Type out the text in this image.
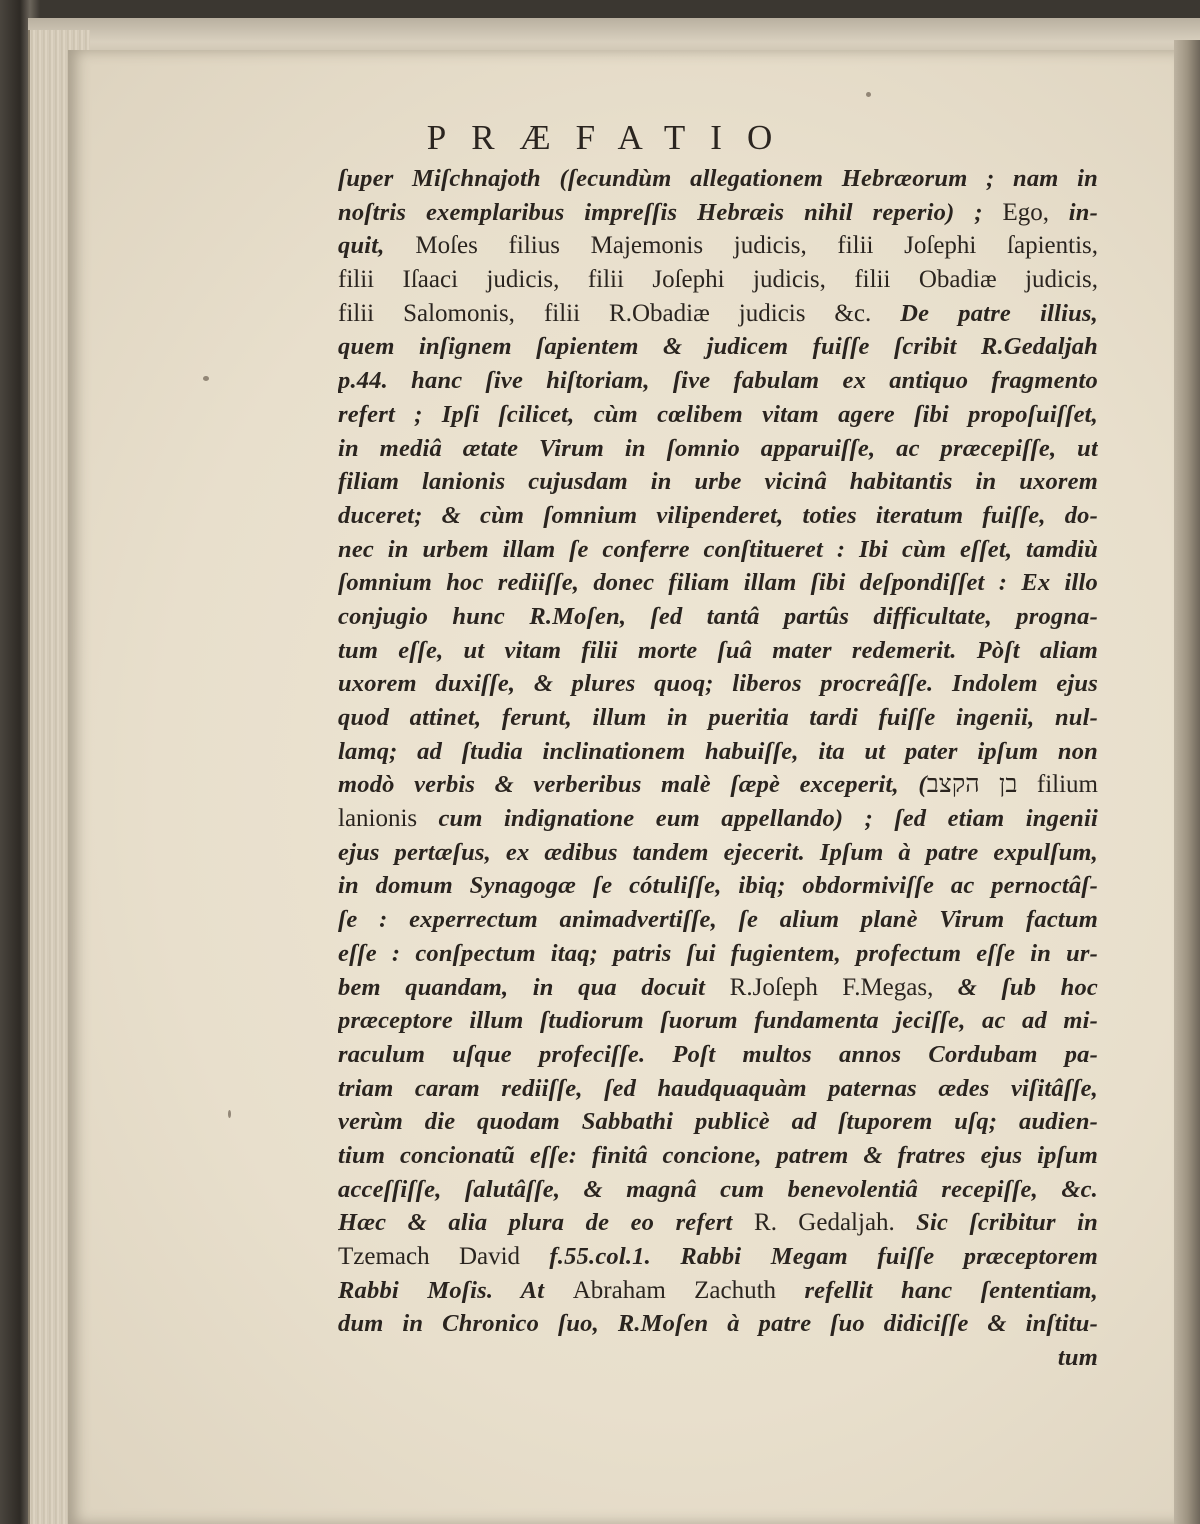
PRÆFATIO
ſuper Miſchnajoth (ſecundùm allegationem Hebræorum ; nam in
noſtris exemplaribus impreſſis Hebræis nihil reperio) ; Ego, in-
quit, Moſes filius Majemonis judicis, filii Joſephi ſapientis,
filii Iſaaci judicis, filii Joſephi judicis, filii Obadiæ judicis,
filii Salomonis, filii R.Obadiæ judicis &c. De patre illius,
quem inſignem ſapientem & judicem fuiſſe ſcribit R.Gedaljah
p.44. hanc ſive hiſtoriam, ſive fabulam ex antiquo fragmento
refert ; Ipſi ſcilicet, cùm cœlibem vitam agere ſibi propoſuiſſet,
in mediâ ætate Virum in ſomnio apparuiſſe, ac præcepiſſe, ut
filiam lanionis cujusdam in urbe vicinâ habitantis in uxorem
duceret; & cùm ſomnium vilipenderet, toties iteratum fuiſſe, do-
nec in urbem illam ſe conferre conſtitueret : Ibi cùm eſſet, tamdiù
ſomnium hoc rediiſſe, donec filiam illam ſibi deſpondiſſet : Ex illo
conjugio hunc R.Moſen, ſed tantâ partûs difficultate, progna-
tum eſſe, ut vitam filii morte ſuâ mater redemerit. Pòſt aliam
uxorem duxiſſe, & plures quoq; liberos procreâſſe. Indolem ejus
quod attinet, ferunt, illum in pueritia tardi fuiſſe ingenii, nul-
lamq; ad ſtudia inclinationem habuiſſe, ita ut pater ipſum non
modò verbis & verberibus malè ſæpè exceperit, (בן הקצב filium
lanionis cum indignatione eum appellando) ; ſed etiam ingenii
ejus pertæſus, ex ædibus tandem ejecerit. Ipſum à patre expulſum,
in domum Synagogæ ſe cótuliſſe, ibiq; obdormiviſſe ac pernoctâſ-
ſe : experrectum animadvertiſſe, ſe alium planè Virum factum
eſſe : conſpectum itaq; patris ſui fugientem, profectum eſſe in ur-
bem quandam, in qua docuit R.Joſeph F.Megas, & ſub hoc
præceptore illum ſtudiorum ſuorum fundamenta jeciſſe, ac ad mi-
raculum uſque profeciſſe. Poſt multos annos Cordubam pa-
triam caram rediiſſe, ſed haudquaquàm paternas ædes viſitâſſe,
verùm die quodam Sabbathi publicè ad ſtuporem uſq; audien-
tium concionatũ eſſe: finitâ concione, patrem & fratres ejus ipſum
acceſſiſſe, ſalutâſſe, & magnâ cum benevolentiâ recepiſſe, &c.
Hæc & alia plura de eo refert R. Gedaljah. Sic ſcribitur in
Tzemach David f.55.col.1. Rabbi Megam fuiſſe præceptorem
Rabbi Moſis. At Abraham Zachuth refellit hanc ſententiam,
dum in Chronico ſuo, R.Moſen à patre ſuo didiciſſe & inſtitu-
tum
